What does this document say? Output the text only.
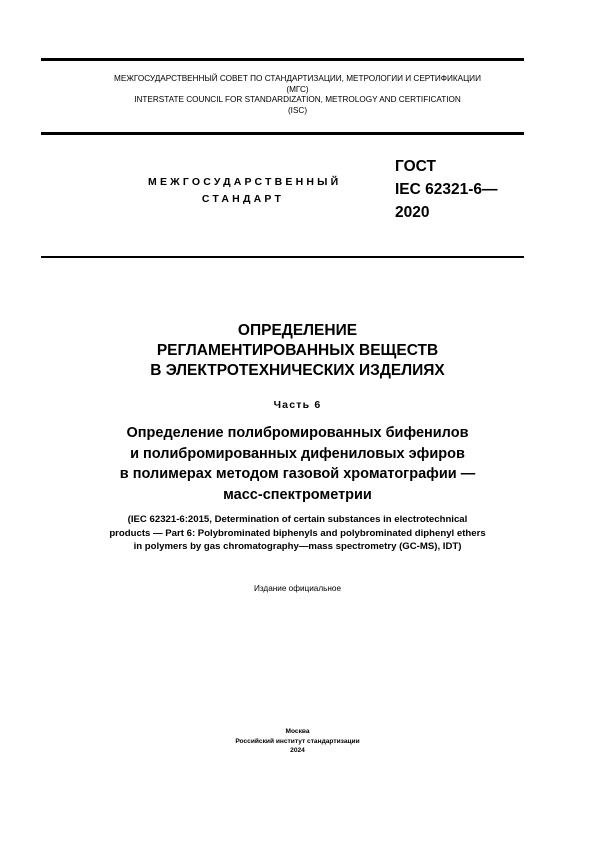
МЕЖГОСУДАРСТВЕННЫЙ СОВЕТ ПО СТАНДАРТИЗАЦИИ, МЕТРОЛОГИИ И СЕРТИФИКАЦИИ
(МГС)
INTERSTATE COUNCIL FOR STANDARDIZATION, METROLOGY AND CERTIFICATION
(ISC)
МЕЖГОСУДАРСТВЕННЫЙ
СТАНДАРТ
ГОСТ
IEC 62321-6—
2020
ОПРЕДЕЛЕНИЕ
РЕГЛАМЕНТИРОВАННЫХ ВЕЩЕСТВ
В ЭЛЕКТРОТЕХНИЧЕСКИХ ИЗДЕЛИЯХ
Часть 6
Определение полибромированных бифенилов
и полибромированных дифениловых эфиров
в полимерах методом газовой хроматографии —
масс-спектрометрии
(IEC 62321-6:2015, Determination of certain substances in electrotechnical
products — Part 6: Polybrominated biphenyls and polybrominated diphenyl ethers
in polymers by gas chromatography—mass spectrometry (GC-MS), IDT)
Издание официальное
Москва
Российский институт стандартизации
2024
